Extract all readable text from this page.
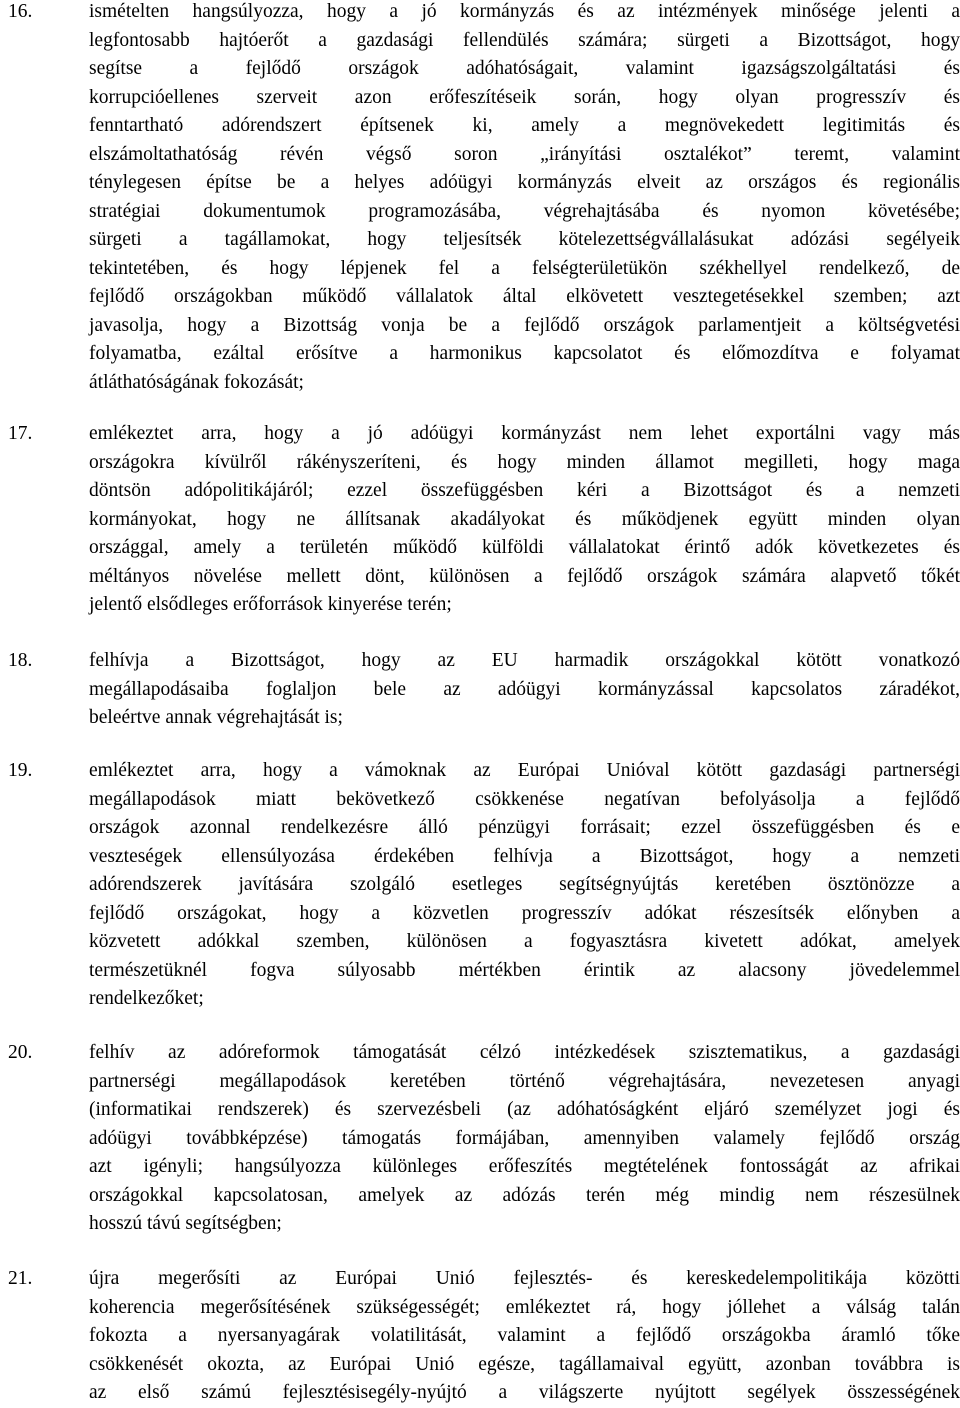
16.	ismételten hangsúlyozza, hogy a jó kormányzás és az intézmények minősége jelenti a
legfontosabb hajtóerőt a gazdasági fellendülés számára; sürgeti a Bizottságot, hogy
segítse a fejlődő országok adóhatóságait, valamint igazságszolgáltatási és
korrupcióellenes szerveit azon erőfeszítéseik során, hogy olyan progresszív és
fenntartható adórendszert építsenek ki, amely a megnövekedett legitimitás és
elszámoltathatóság révén végső soron „irányítási osztalékot” teremt, valamint
ténylegesen építse be a helyes adóügyi kormányzás elveit az országos és regionális
stratégiai dokumentumok programozásába, végrehajtásába és nyomon követésébe;
sürgeti a tagállamokat, hogy teljesítsék kötelezettségvállalásukat adózási segélyeik
tekintetében, és hogy lépjenek fel a felségterületükön székhellyel rendelkező, de
fejlődő országokban működő vállalatok által elkövetett vesztegetésekkel szemben; azt
javasolja, hogy a Bizottság vonja be a fejlődő országok parlamentjeit a költségvetési
folyamatba, ezáltal erősítve a harmonikus kapcsolatot és előmozdítva e folyamat
átláthatóságának fokozását;
17.	emlékeztet arra, hogy a jó adóügyi kormányzást nem lehet exportálni vagy más
országokra kívülről rákényszeríteni, és hogy minden államot megilleti, hogy maga
döntsön adópolitikájáról; ezzel összefüggésben kéri a Bizottságot és a nemzeti
kormányokat, hogy ne állítsanak akadályokat és működjenek együtt minden olyan
országgal, amely a területén működő külföldi vállalatokat érintő adók következetes és
méltányos növelése mellett dönt, különösen a fejlődő országok számára alapvető tőkét
jelentő elsődleges erőforrások kinyerése terén;
18.	felhívja a Bizottságot, hogy az EU harmadik országokkal kötött vonatkozó
megállapodásaiba foglaljon bele az adóügyi kormányzással kapcsolatos záradékot,
beleértve annak végrehajtását is;
19.	emlékeztet arra, hogy a vámoknak az Európai Unióval kötött gazdasági partnerségi
megállapodások miatt bekövetkező csökkenése negatívan befolyásolja a fejlődő
országok azonnal rendelkezésre álló pénzügyi forrásait; ezzel összefüggésben és e
veszteségek ellensúlyozása érdekében felhívja a Bizottságot, hogy a nemzeti
adórendszerek javítására szolgáló esetleges segítségnyújtás keretében ösztönözze a
fejlődő országokat, hogy a közvetlen progresszív adókat részesítsék előnyben a
közvetett adókkal szemben, különösen a fogyasztásra kivetett adókat, amelyek
természetüknél fogva súlyosabb mértékben érintik az alacsony jövedelemmel
rendelkezőket;
20.	felhív az adóreformok támogatását célzó intézkedések szisztematikus, a gazdasági
partnerségi megállapodások keretében történő végrehajtására, nevezetesen anyagi
(informatikai rendszerek) és szervezésbeli (az adóhatóságként eljáró személyzet jogi és
adóügyi továbbképzése) támogatás formájában, amennyiben valamely fejlődő ország
azt igényli; hangsúlyozza különleges erőfeszítés megtételének fontosságát az afrikai
országokkal kapcsolatosan, amelyek az adózás terén még mindig nem részesülnek
hosszú távú segítségben;
21.	újra megerősíti az Európai Unió fejlesztés- és kereskedelempolitikája közötti
koherencia megerősítésének szükségességét; emlékeztet rá, hogy jóllehet a válság talán
fokozta a nyersanyagárak volatilitását, valamint a fejlődő országokba áramló tőke
csökkenését okozta, az Európai Unió egésze, tagállamaival együtt, azonban továbbra is
az első számú fejlesztésisegély-nyújtó a világszerte nyújtott segélyek összességének
